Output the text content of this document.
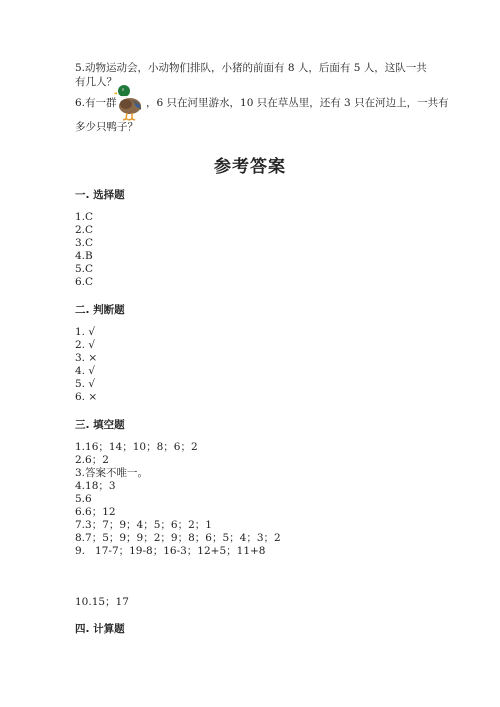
5.动物运动会，小动物们排队，小猪的前面有 8 人，后面有 5 人，这队一共
有几人？
6.有一群	，6 只在河里游水，10 只在草丛里，还有 3 只在河边上，一共有
多少只鸭子？
参考答案
一. 选择题
1.C
2.C
3.C
4.B
5.C
6.C
二. 判断题
1. √
2. √
3. ×
4. √
5. √
6. ×
三. 填空题
1.16；14；10；8；6；2
2.6；2
3.答案不唯一。
4.18；3
5.6
6.6；12
7.3；7；9；4；5；6；2；1
8.7；5；9；9；2；9；8；6；5；4；3；2
9.   17-7；19-8；16-3；12+5；11+8
10.15；17
四. 计算题
